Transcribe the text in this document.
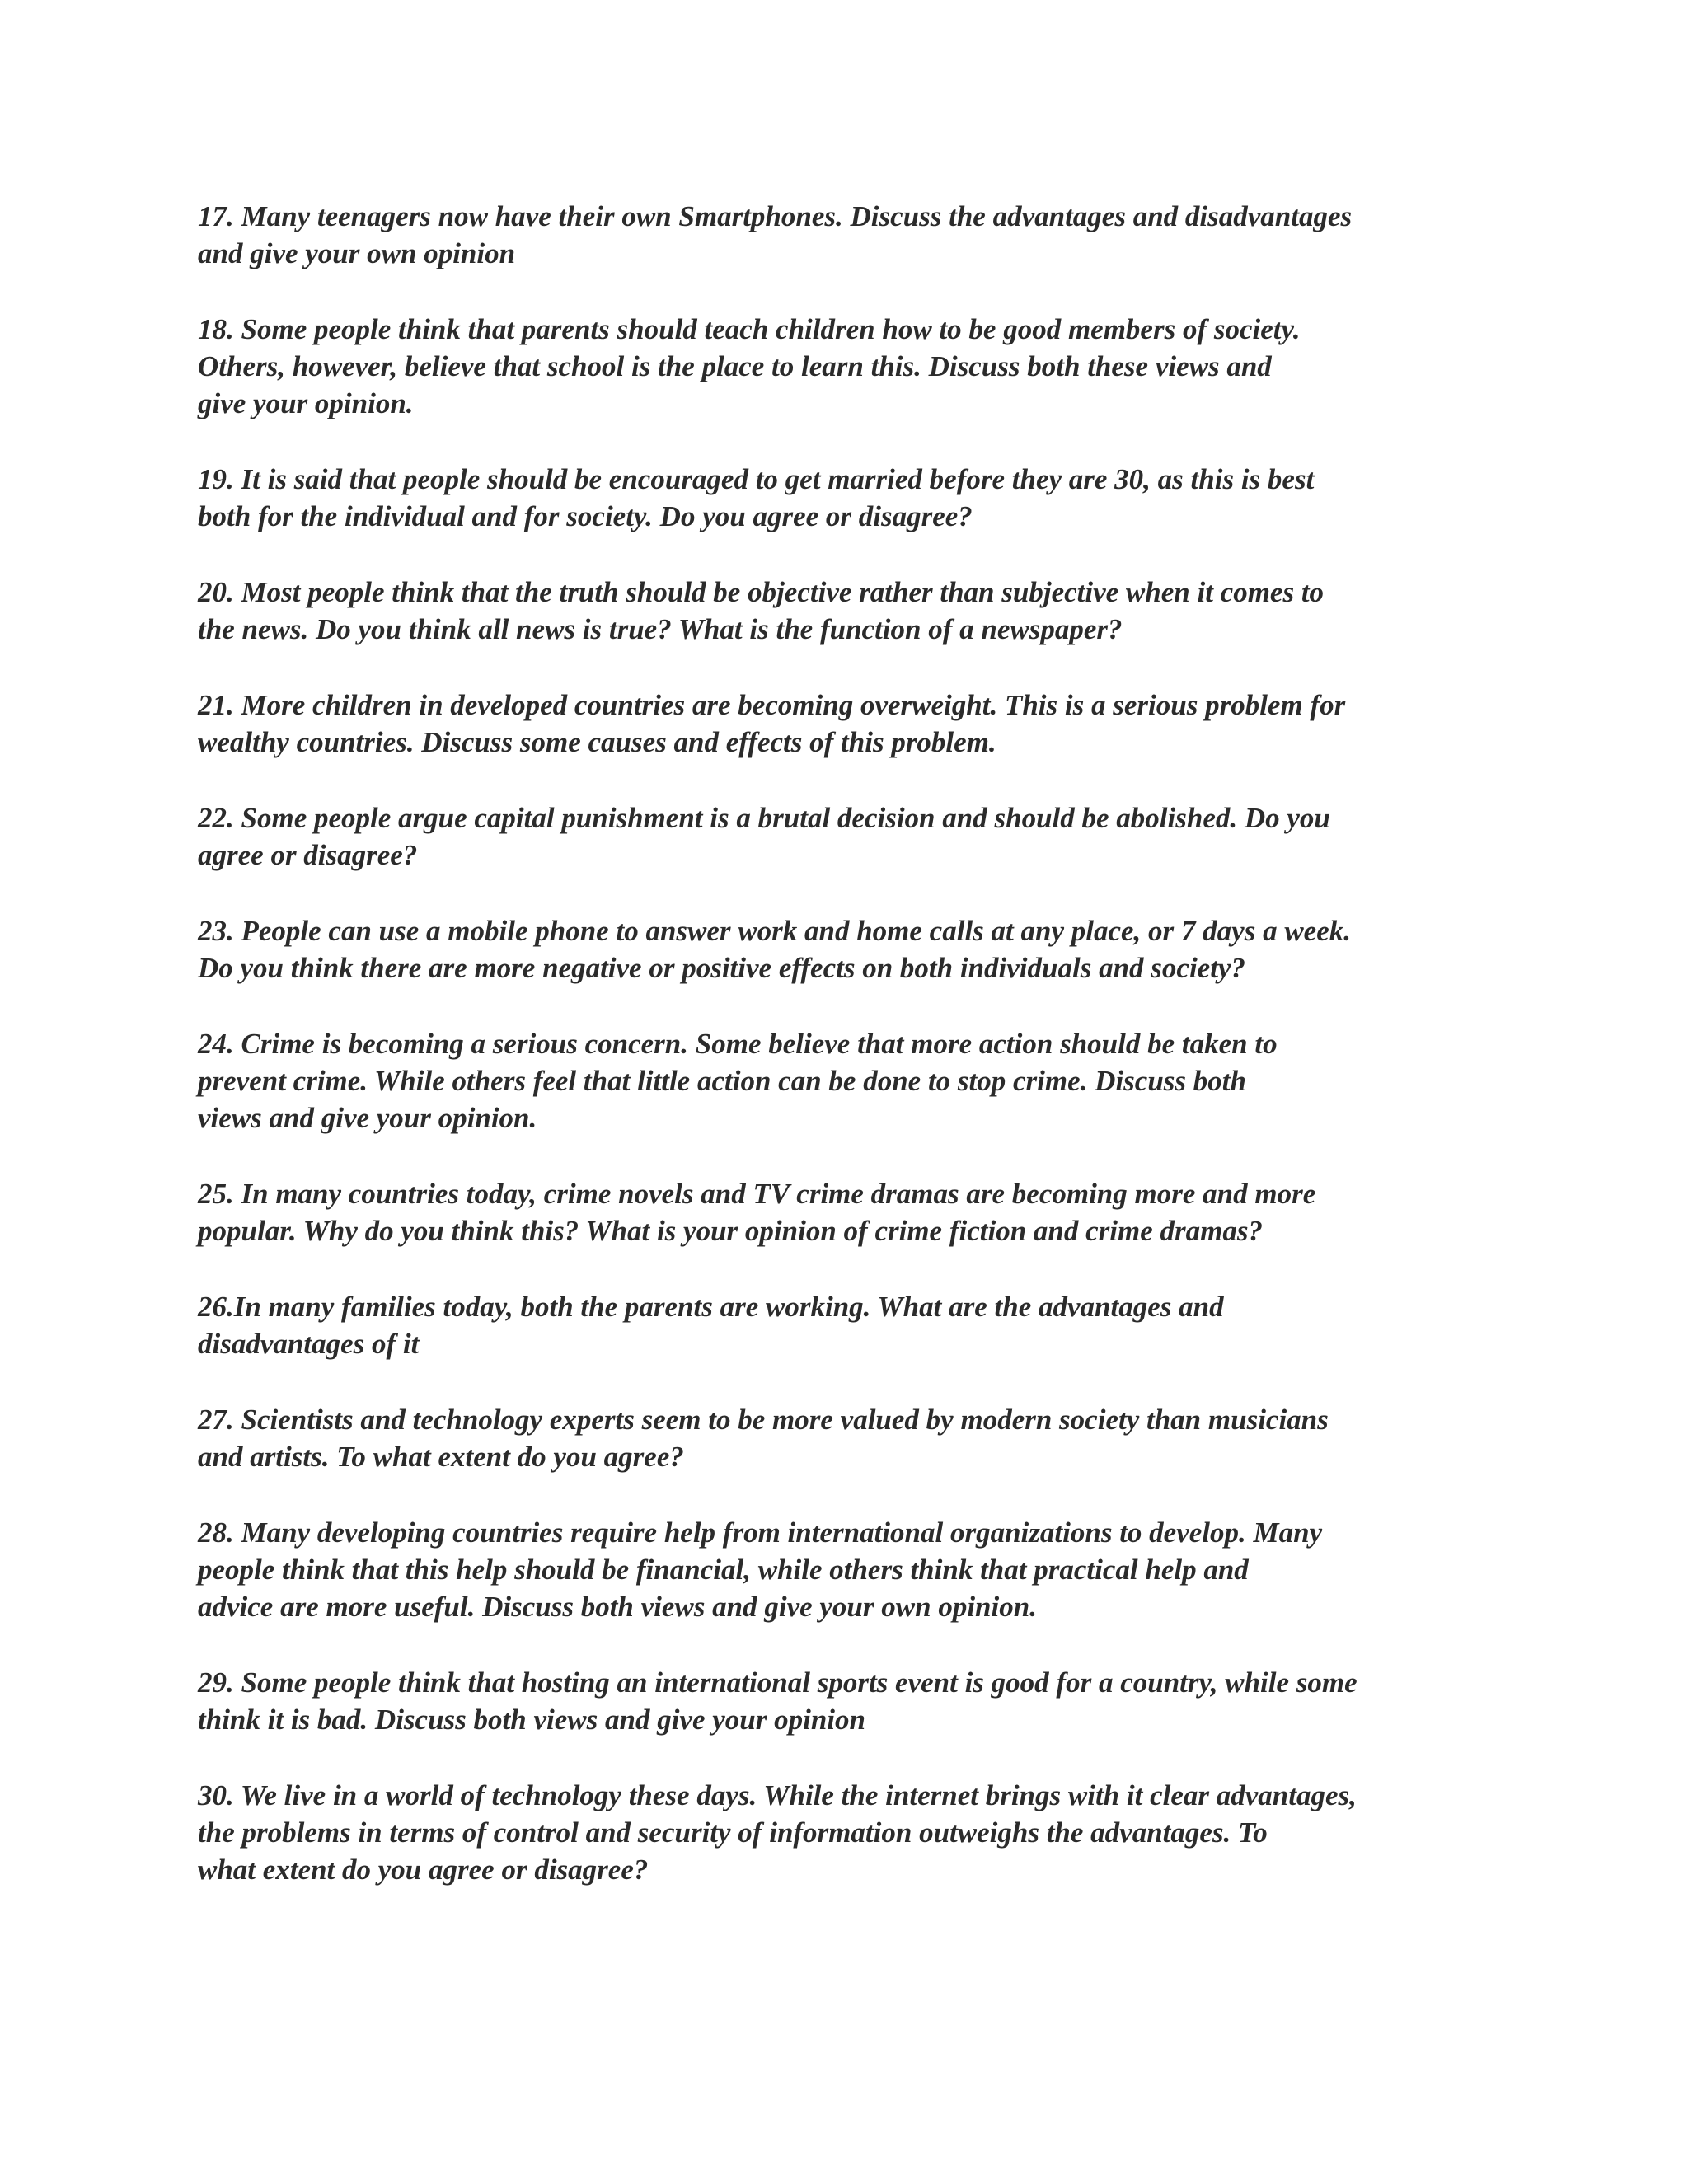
17. Many teenagers now have their own Smartphones. Discuss the advantages and disadvantages
and give your own opinion
18. Some people think that parents should teach children how to be good members of society.
Others, however, believe that school is the place to learn this. Discuss both these views and
give your opinion.
19. It is said that people should be encouraged to get married before they are 30, as this is best
both for the individual and for society. Do you agree or disagree?
20. Most people think that the truth should be objective rather than subjective when it comes to
the news. Do you think all news is true? What is the function of a newspaper?
21. More children in developed countries are becoming overweight. This is a serious problem for
wealthy countries. Discuss some causes and effects of this problem.
22. Some people argue capital punishment is a brutal decision and should be abolished. Do you
agree or disagree?
23. People can use a mobile phone to answer work and home calls at any place, or 7 days a week.
Do you think there are more negative or positive effects on both individuals and society?
24. Crime is becoming a serious concern. Some believe that more action should be taken to
prevent crime. While others feel that little action can be done to stop crime. Discuss both
views and give your opinion.
25. In many countries today, crime novels and TV crime dramas are becoming more and more
popular. Why do you think this? What is your opinion of crime fiction and crime dramas?
26.In many families today, both the parents are working. What are the advantages and
disadvantages of it
27. Scientists and technology experts seem to be more valued by modern society than musicians
and artists. To what extent do you agree?
28. Many developing countries require help from international organizations to develop. Many
people think that this help should be financial, while others think that practical help and
advice are more useful. Discuss both views and give your own opinion.
29. Some people think that hosting an international sports event is good for a country, while some
think it is bad. Discuss both views and give your opinion
30. We live in a world of technology these days. While the internet brings with it clear advantages,
the problems in terms of control and security of information outweighs the advantages. To
what extent do you agree or disagree?
